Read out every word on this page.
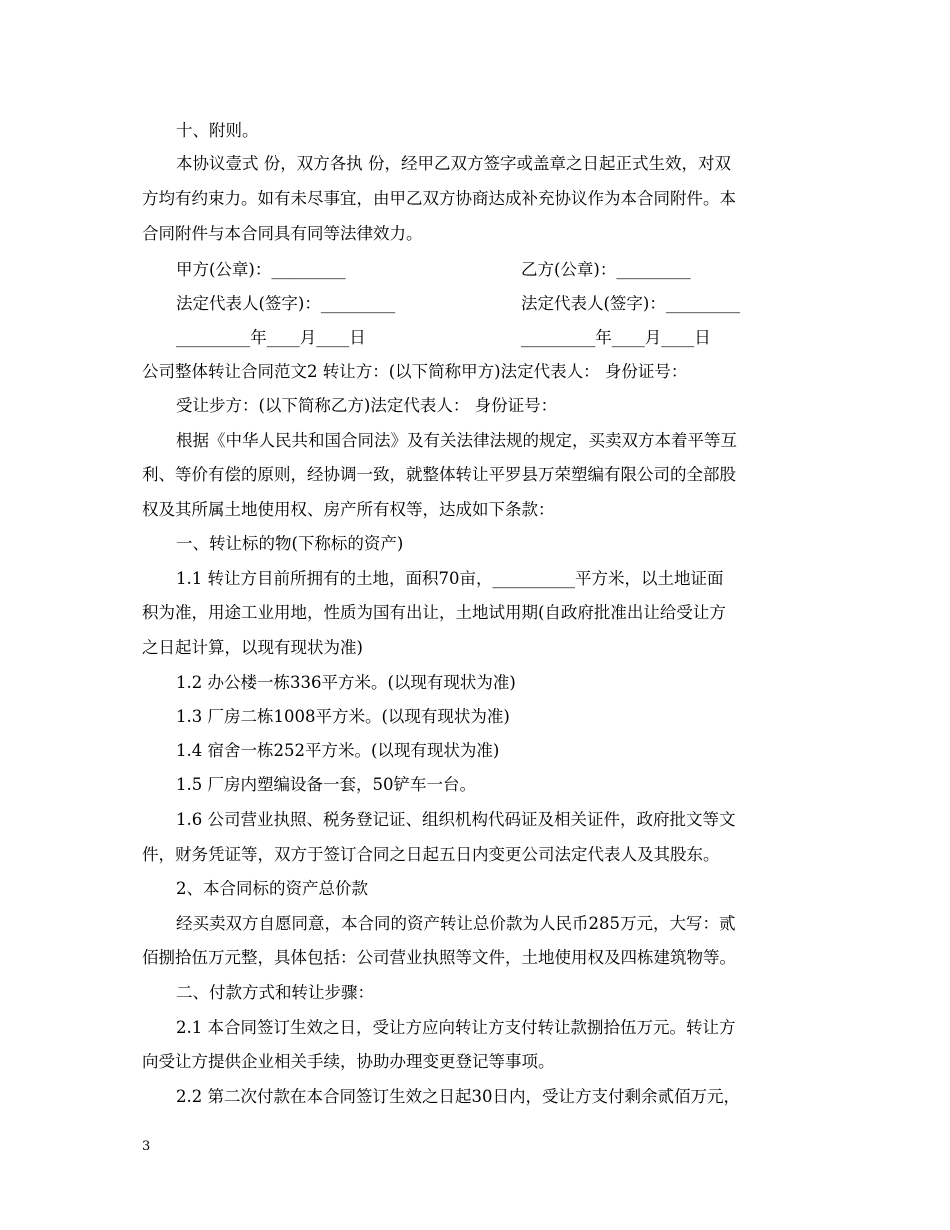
十、附则。
本协议壹式 份，双方各执 份，经甲乙双方签字或盖章之日起正式生效，对双
方均有约束力。如有未尽事宜，由甲乙双方协商达成补充协议作为本合同附件。本
合同附件与本合同具有同等法律效力。
甲方(公章)：_________	乙方(公章)：_________
法定代表人(签字)：_________	法定代表人(签字)：_________
_________年____月____日	_________年____月____日
公司整体转让合同范文2 转让方：(以下简称甲方)法定代表人： 身份证号：
受让步方：(以下简称乙方)法定代表人： 身份证号：
根据《中华人民共和国合同法》及有关法律法规的规定，买卖双方本着平等互
利、等价有偿的原则，经协调一致，就整体转让平罗县万荣塑编有限公司的全部股
权及其所属土地使用权、房产所有权等，达成如下条款：
一、转让标的物(下称标的资产)
1.1 转让方目前所拥有的土地，面积70亩，__________平方米，以土地证面
积为准，用途工业用地，性质为国有出让，土地试用期(自政府批准出让给受让方
之日起计算，以现有现状为准)
1.2 办公楼一栋336平方米。(以现有现状为准)
1.3 厂房二栋1008平方米。(以现有现状为准)
1.4 宿舍一栋252平方米。(以现有现状为准)
1.5 厂房内塑编设备一套，50铲车一台。
1.6 公司营业执照、税务登记证、组织机构代码证及相关证件，政府批文等文
件，财务凭证等，双方于签订合同之日起五日内变更公司法定代表人及其股东。
2、本合同标的资产总价款
经买卖双方自愿同意，本合同的资产转让总价款为人民币285万元，大写：贰
佰捌拾伍万元整，具体包括：公司营业执照等文件，土地使用权及四栋建筑物等。
二、付款方式和转让步骤：
2.1 本合同签订生效之日，受让方应向转让方支付转让款捌拾伍万元。转让方
向受让方提供企业相关手续，协助办理变更登记等事项。
2.2 第二次付款在本合同签订生效之日起30日内，受让方支付剩余贰佰万元，
3
